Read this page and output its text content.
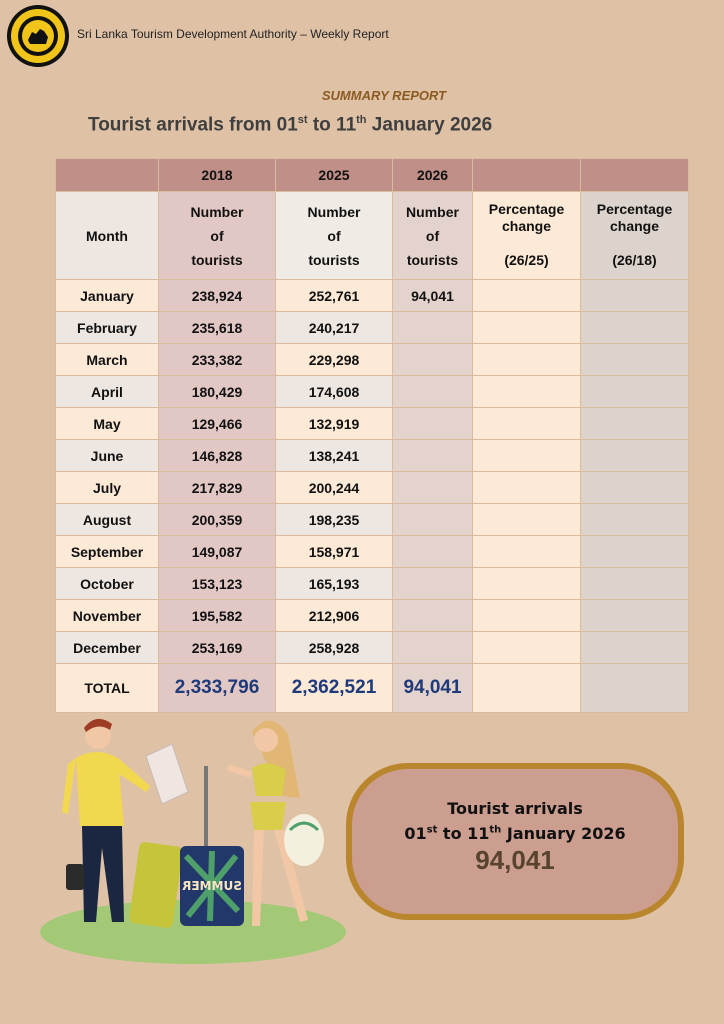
Sri Lanka Tourism Development Authority – Weekly Report
SUMMARY REPORT
Tourist arrivals from 01st to 11th January 2026
	2018	2025	2026		
Month	Number
of
tourists	Number
of
tourists	Number
of
tourists	Percentage
change

(26/25)	Percentage
change

(26/18)
January	238,924	252,761	94,041		
February	235,618	240,217			
March	233,382	229,298			
April	180,429	174,608			
May	129,466	132,919			
June	146,828	138,241			
July	217,829	200,244			
August	200,359	198,235			
September	149,087	158,971			
October	153,123	165,193			
November	195,582	212,906			
December	253,169	258,928			
TOTAL	2,333,796	2,362,521	94,041		
SUMMER
Tourist arrivals
01st to 11th January 2026
94,041
